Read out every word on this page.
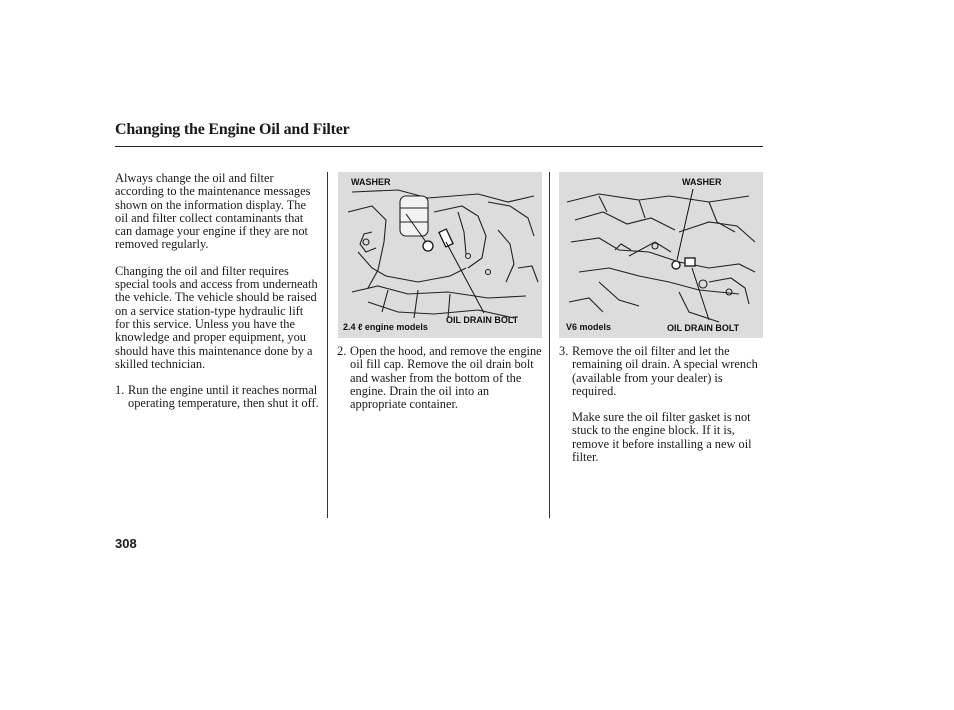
Changing the Engine Oil and Filter

Always change the oil and filter according to the maintenance messages shown on the information display. The oil and filter collect contaminants that can damage your engine if they are not removed regularly.

Changing the oil and filter requires special tools and access from underneath the vehicle. The vehicle should be raised on a service station-type hydraulic lift for this service. Unless you have the knowledge and proper equipment, you should have this maintenance done by a skilled technician.

1. Run the engine until it reaches normal operating temperature, then shut it off.
WASHER
OIL DRAIN BOLT
2.4 ℓ engine models
WASHER
OIL DRAIN BOLT
V6 models
2. Open the hood, and remove the engine oil fill cap. Remove the oil drain bolt and washer from the bottom of the engine. Drain the oil into an appropriate container.
3. Remove the oil filter and let the remaining oil drain. A special wrench (available from your dealer) is required.

Make sure the oil filter gasket is not stuck to the engine block. If it is, remove it before installing a new oil filter.

308
